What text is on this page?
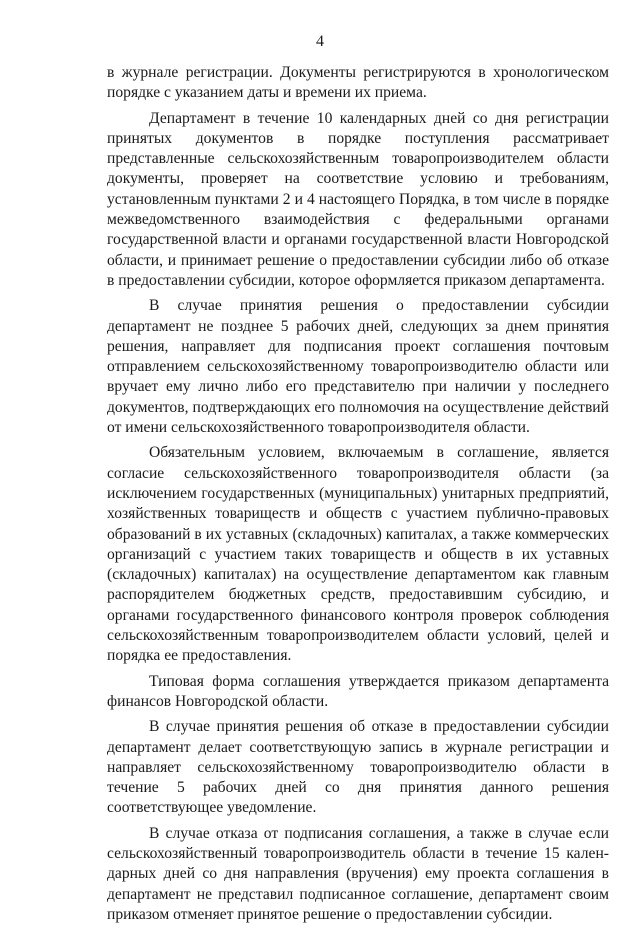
4

в журнале регистрации. Документы регистрируются в хронологическом порядке с указанием даты и времени их приема.

Департамент в течение 10 календарных дней со дня регистрации принятых документов в порядке поступления рассматривает представленные сельскохозяйственным товаропроизводителем области документы, проверяет на соответствие условию и требованиям, установленным пунктами 2 и 4 настоящего Порядка, в том числе в порядке межведомственного взаимодействия с федеральными органами государственной власти и органами государственной власти Новгородской области, и принимает решение о предоставлении субсидии либо об отказе в предоставлении субсидии, которое оформляется приказом департамента.

В случае принятия решения о предоставлении субсидии департамент не позднее 5 рабочих дней, следующих за днем принятия решения, направляет для подписания проект соглашения почтовым отправлением сельскохозяйственному товаропроизводителю области или вручает ему лично либо его представителю при наличии у последнего документов, подтверждающих его полномочия на осуществление действий от имени сельскохозяйственного товаропроизводителя области.

Обязательным условием, включаемым в соглашение, является согласие сельскохозяйственного товаропроизводителя области (за исключением государственных (муниципальных) унитарных предприятий, хозяйственных товариществ и обществ с участием публично-правовых образований в их уставных (складочных) капиталах, а также коммерческих организаций с участием таких товариществ и обществ в их уставных (складочных) капиталах) на осуществление департаментом как главным распорядителем бюджетных средств, предоставившим субсидию, и органами государственного финансового контроля проверок соблюдения сельскохозяйственным товаропроизводителем области условий, целей и порядка ее предоставления.

Типовая форма соглашения утверждается приказом департамента финансов Новгородской области.

В случае принятия решения об отказе в предоставлении субсидии департамент делает соответствующую запись в журнале регистрации и направляет сельскохозяйственному товаропроизводителю области в течение 5 рабочих дней со дня принятия данного решения соответствующее уведомление.

В случае отказа от подписания соглашения, а также в случае если сельскохозяйственный товаропроизводитель области в течение 15 календарных дней со дня направления (вручения) ему проекта соглашения в департамент не представил подписанное соглашение, департамент своим приказом отменяет принятое решение о предоставлении субсидии.
